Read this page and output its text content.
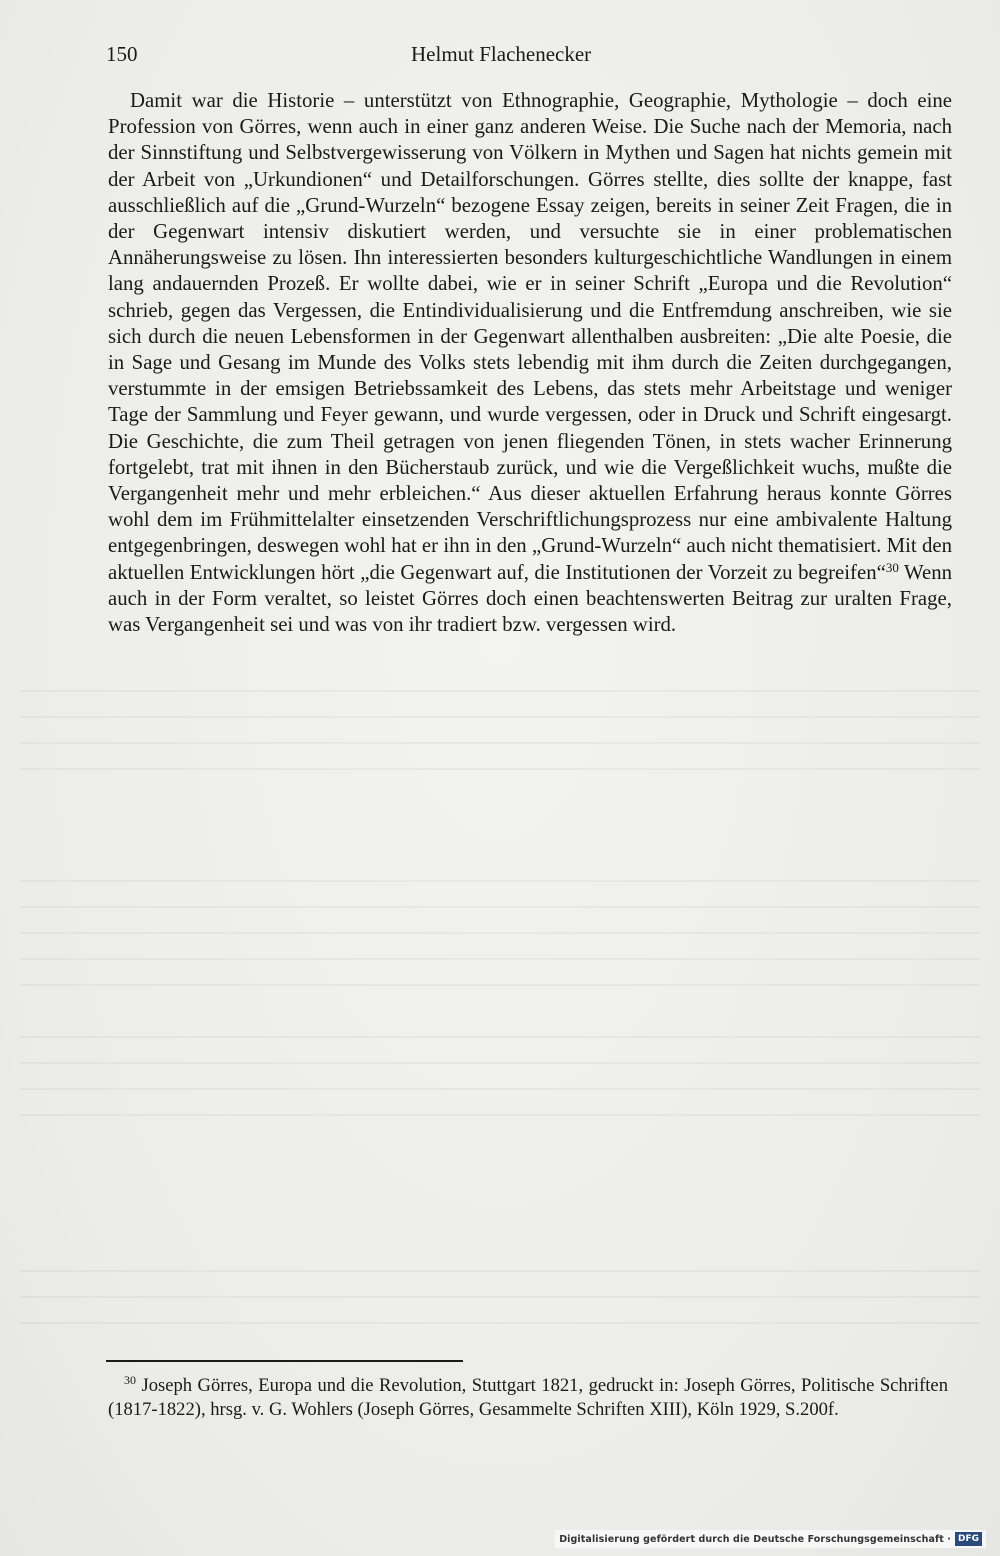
150	Helmut Flachenecker

Damit war die Historie – unterstützt von Ethnographie, Geographie, Mythologie – doch eine Profession von Görres, wenn auch in einer ganz anderen Weise. Die Suche nach der Memoria, nach der Sinnstiftung und Selbstvergewisserung von Völkern in Mythen und Sagen hat nichts gemein mit der Arbeit von „Urkundionen“ und Detailforschungen. Görres stellte, dies sollte der knappe, fast ausschließlich auf die „Grund-Wurzeln“ bezogene Essay zeigen, bereits in seiner Zeit Fragen, die in der Gegenwart intensiv diskutiert werden, und versuchte sie in einer problematischen Annäherungsweise zu lösen. Ihn interessierten besonders kulturgeschichtliche Wandlungen in einem lang andauernden Prozeß. Er wollte dabei, wie er in seiner Schrift „Europa und die Revolution“ schrieb, gegen das Vergessen, die Entindividualisierung und die Entfremdung anschreiben, wie sie sich durch die neuen Lebensformen in der Gegenwart allenthalben ausbreiten: „Die alte Poesie, die in Sage und Gesang im Munde des Volks stets lebendig mit ihm durch die Zeiten durchgegangen, verstummte in der emsigen Betriebssamkeit des Lebens, das stets mehr Arbeitstage und weniger Tage der Sammlung und Feyer gewann, und wurde vergessen, oder in Druck und Schrift eingesargt. Die Geschichte, die zum Theil getragen von jenen fliegenden Tönen, in stets wacher Erinnerung fortgelebt, trat mit ihnen in den Bücherstaub zurück, und wie die Vergeßlichkeit wuchs, mußte die Vergangenheit mehr und mehr erbleichen.“ Aus dieser aktuellen Erfahrung heraus konnte Görres wohl dem im Frühmittelalter einsetzenden Verschriftlichungsprozess nur eine ambivalente Haltung entgegenbringen, deswegen wohl hat er ihn in den „Grund-Wurzeln“ auch nicht thematisiert. Mit den aktuellen Entwicklungen hört „die Gegenwart auf, die Institutionen der Vorzeit zu begreifen“$^{30}$ Wenn auch in der Form veraltet, so leistet Görres doch einen beachtenswerten Beitrag zur uralten Frage, was Vergangenheit sei und was von ihr tradiert bzw. vergessen wird.

$^{30}$ Joseph Görres, Europa und die Revolution, Stuttgart 1821, gedruckt in: Joseph Görres, Politische Schriften (1817-1822), hrsg. v. G. Wohlers (Joseph Görres, Gesammelte Schriften XIII), Köln 1929, S.200f.

Digitalisierung gefördert durch die Deutsche Forschungsgemeinschaft · DFG
